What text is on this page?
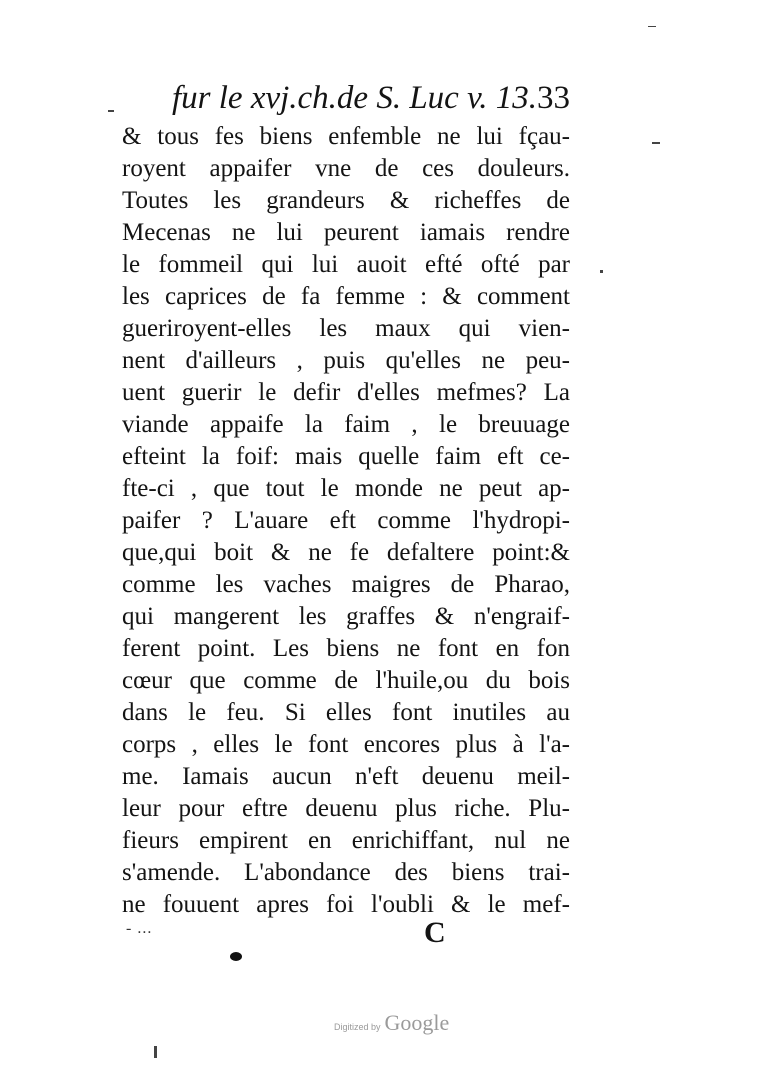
fur le xvj.ch.de S. Luc v. 13. 33
& tous fes biens enfemble ne lui fçau-
royent appaifer vne de ces douleurs.
Toutes les grandeurs & richeffes de
Mecenas ne lui peurent iamais rendre
le fommeil qui lui auoit efté ofté par
les caprices de fa femme : & comment
gueriroyent-elles les maux qui vien-
nent d'ailleurs , puis qu'elles ne peu-
uent guerir le defir d'elles mefmes? La
viande appaife la faim , le breuuage
efteint la foif: mais quelle faim eft ce-
fte-ci , que tout le monde ne peut ap-
paifer ? L'auare eft comme l'hydropi-
que,qui boit & ne fe defaltere point:&
comme les vaches maigres de Pharao,
qui mangerent les graffes & n'engraif-
ferent point. Les biens ne font en fon
cœur que comme de l'huile,ou du bois
dans le feu. Si elles font inutiles au
corps , elles le font encores plus à l'a-
me. Iamais aucun n'eft deuenu meil-
leur pour eftre deuenu plus riche. Plu-
fieurs empirent en enrichiffant, nul ne
s'amende. L'abondance des biens trai-
ne fouuent apres foi l'oubli & le mef-
- ...	C
Digitized by Google
